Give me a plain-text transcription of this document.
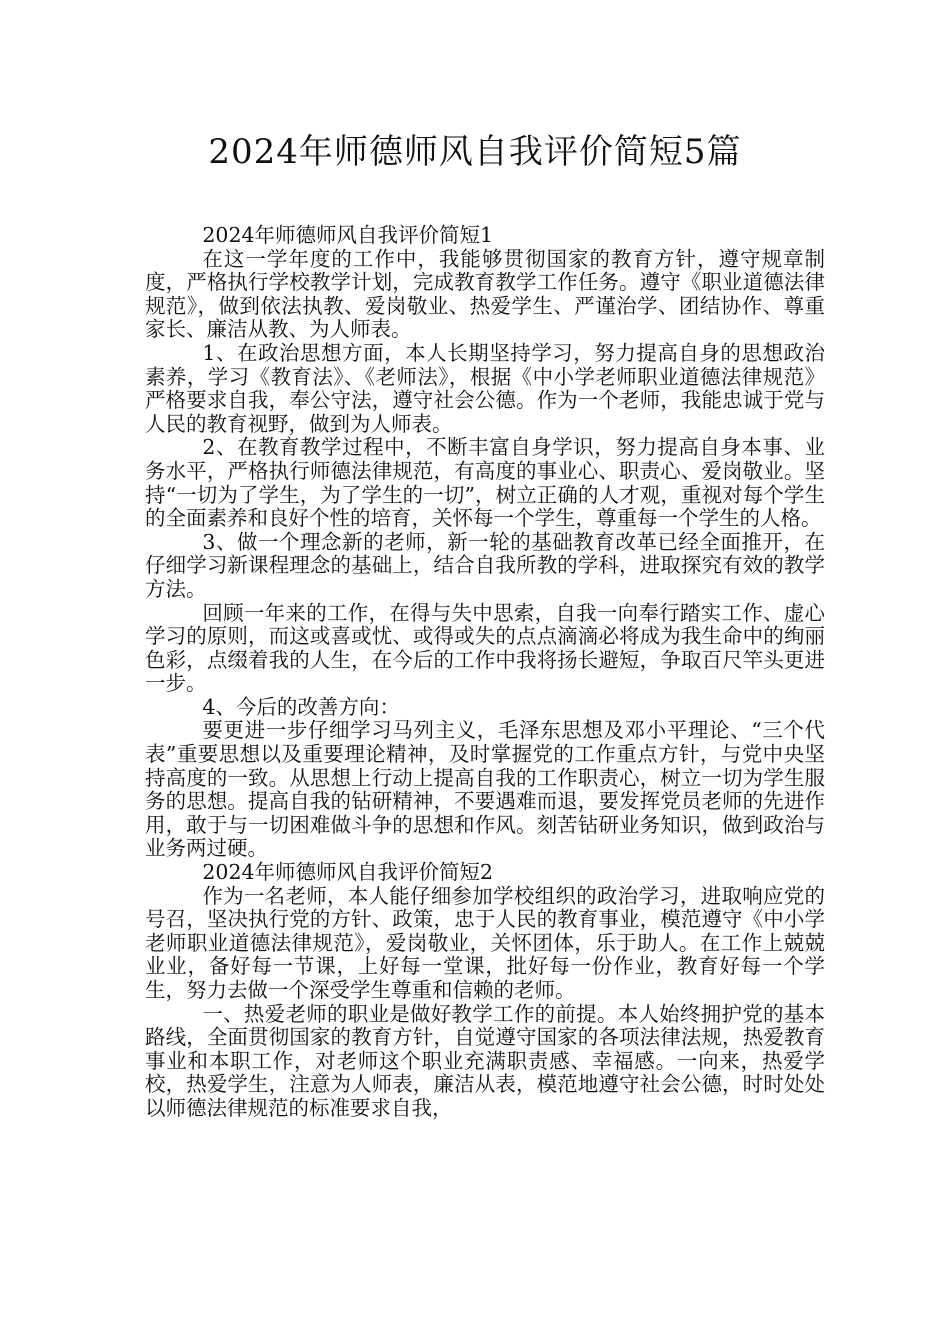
2024年师德师风自我评价简短5篇

2024年师德师风自我评价简短1

在这一学年度的工作中，我能够贯彻国家的教育方针，遵守规章制度，严格执行学校教学计划，完成教育教学工作任务。遵守《职业道德法律规范》，做到依法执教、爱岗敬业、热爱学生、严谨治学、团结协作、尊重家长、廉洁从教、为人师表。

1、在政治思想方面，本人长期坚持学习，努力提高自身的思想政治素养，学习《教育法》、《老师法》，根据《中小学老师职业道德法律规范》严格要求自我，奉公守法，遵守社会公德。作为一个老师，我能忠诚于党与人民的教育视野，做到为人师表。

2、在教育教学过程中，不断丰富自身学识，努力提高自身本事、业务水平，严格执行师德法律规范，有高度的事业心、职责心、爱岗敬业。坚持“一切为了学生，为了学生的一切”，树立正确的人才观，重视对每个学生的全面素养和良好个性的培育，关怀每一个学生，尊重每一个学生的人格。

3、做一个理念新的老师，新一轮的基础教育改革已经全面推开，在仔细学习新课程理念的基础上，结合自我所教的学科，进取探究有效的教学方法。

回顾一年来的工作，在得与失中思索，自我一向奉行踏实工作、虚心学习的原则，而这或喜或忧、或得或失的点点滴滴必将成为我生命中的绚丽色彩，点缀着我的人生，在今后的工作中我将扬长避短，争取百尺竿头更进一步。

4、今后的改善方向：

要更进一步仔细学习马列主义，毛泽东思想及邓小平理论、“三个代表”重要思想以及重要理论精神，及时掌握党的工作重点方针，与党中央坚持高度的一致。从思想上行动上提高自我的工作职责心，树立一切为学生服务的思想。提高自我的钻研精神，不要遇难而退，要发挥党员老师的先进作用，敢于与一切困难做斗争的思想和作风。刻苦钻研业务知识，做到政治与业务两过硬。

2024年师德师风自我评价简短2

作为一名老师，本人能仔细参加学校组织的政治学习，进取响应党的号召，坚决执行党的方针、政策，忠于人民的教育事业，模范遵守《中小学老师职业道德法律规范》，爱岗敬业，关怀团体，乐于助人。在工作上兢兢业业，备好每一节课，上好每一堂课，批好每一份作业，教育好每一个学生，努力去做一个深受学生尊重和信赖的老师。

一、热爱老师的职业是做好教学工作的前提。本人始终拥护党的基本路线，全面贯彻国家的教育方针，自觉遵守国家的各项法律法规，热爱教育事业和本职工作，对老师这个职业充满职责感、幸福感。一向来，热爱学校，热爱学生，注意为人师表，廉洁从表，模范地遵守社会公德，时时处处以师德法律规范的标准要求自我，
